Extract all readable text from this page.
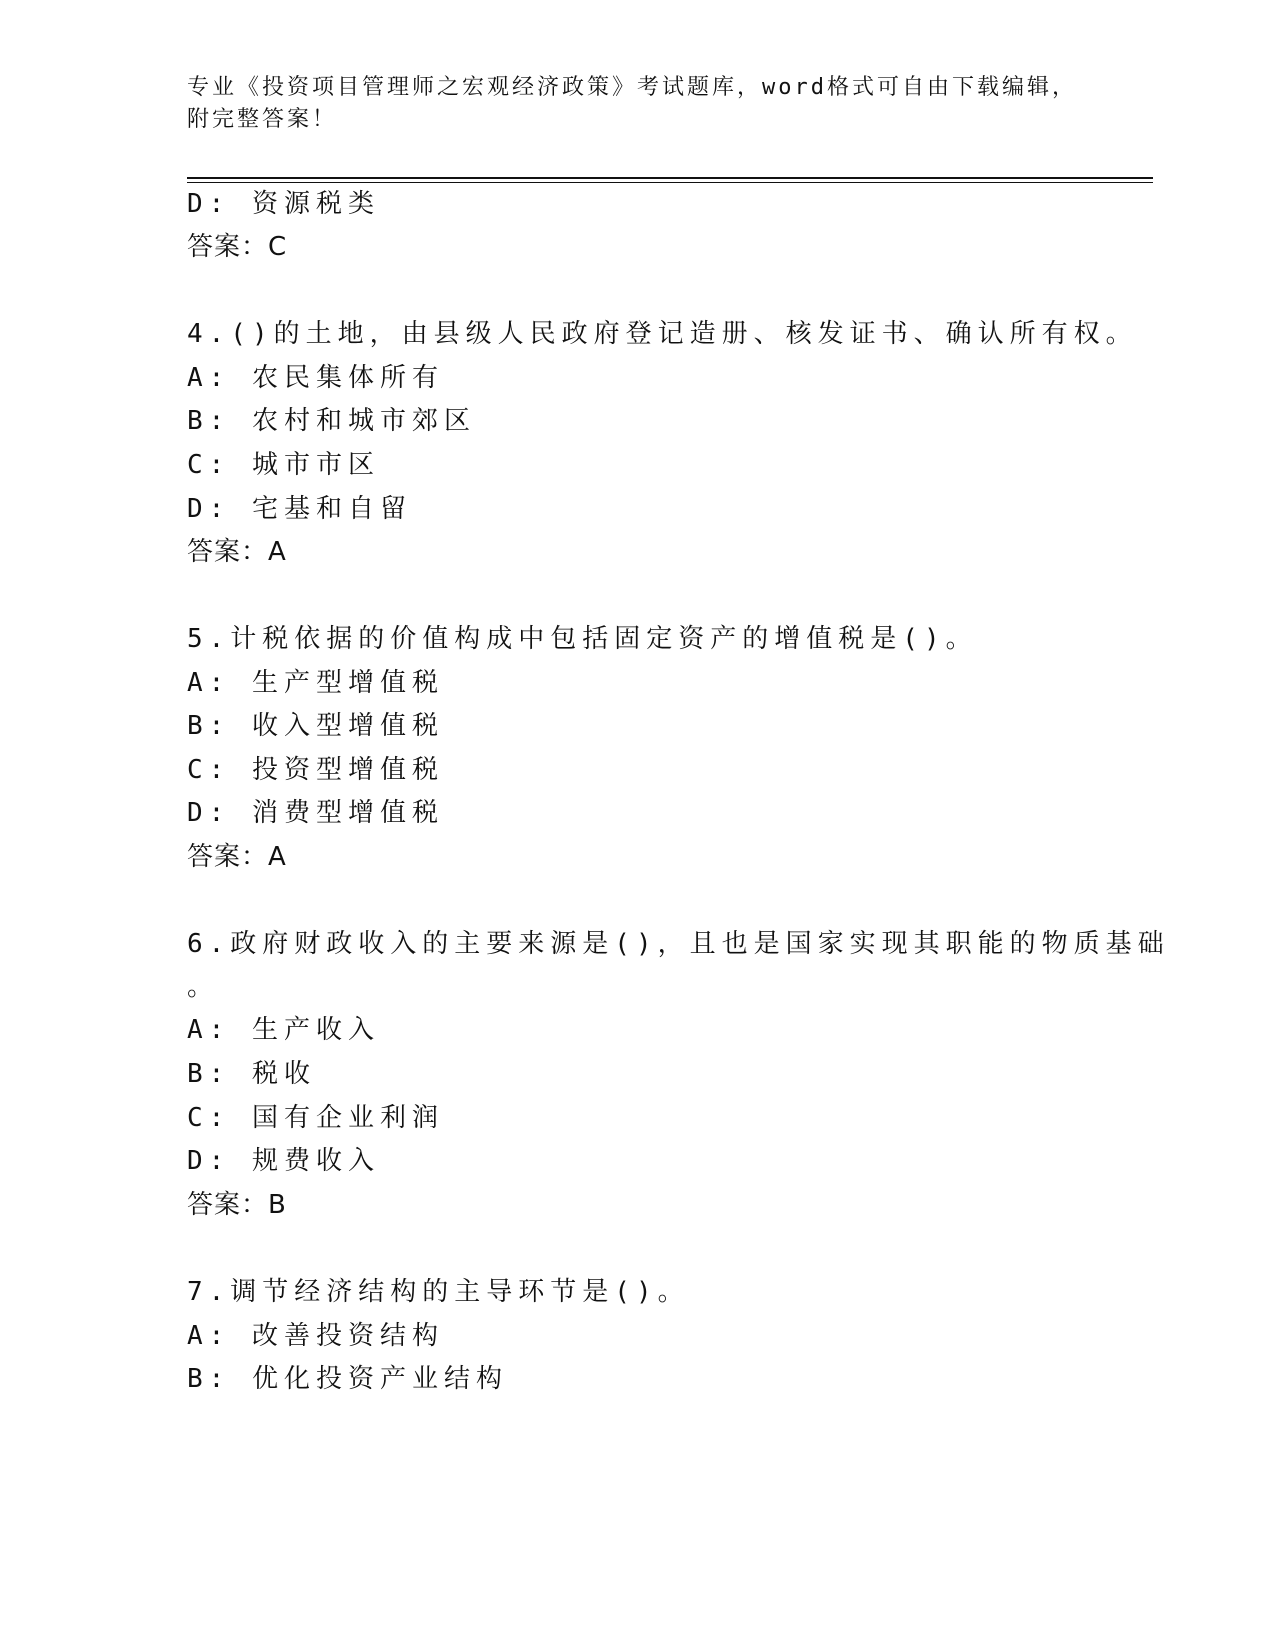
专业《投资项目管理师之宏观经济政策》考试题库，word格式可自由下载编辑，
附完整答案！
D: 资源税类
答案：C
4.()的土地，由县级人民政府登记造册、核发证书、确认所有权。
A: 农民集体所有
B: 农村和城市郊区
C: 城市市区
D: 宅基和自留
答案：A
5.计税依据的价值构成中包括固定资产的增值税是()。
A: 生产型增值税
B: 收入型增值税
C: 投资型增值税
D: 消费型增值税
答案：A
6.政府财政收入的主要来源是()，且也是国家实现其职能的物质基础
。
A: 生产收入
B: 税收
C: 国有企业利润
D: 规费收入
答案：B
7.调节经济结构的主导环节是()。
A: 改善投资结构
B: 优化投资产业结构
